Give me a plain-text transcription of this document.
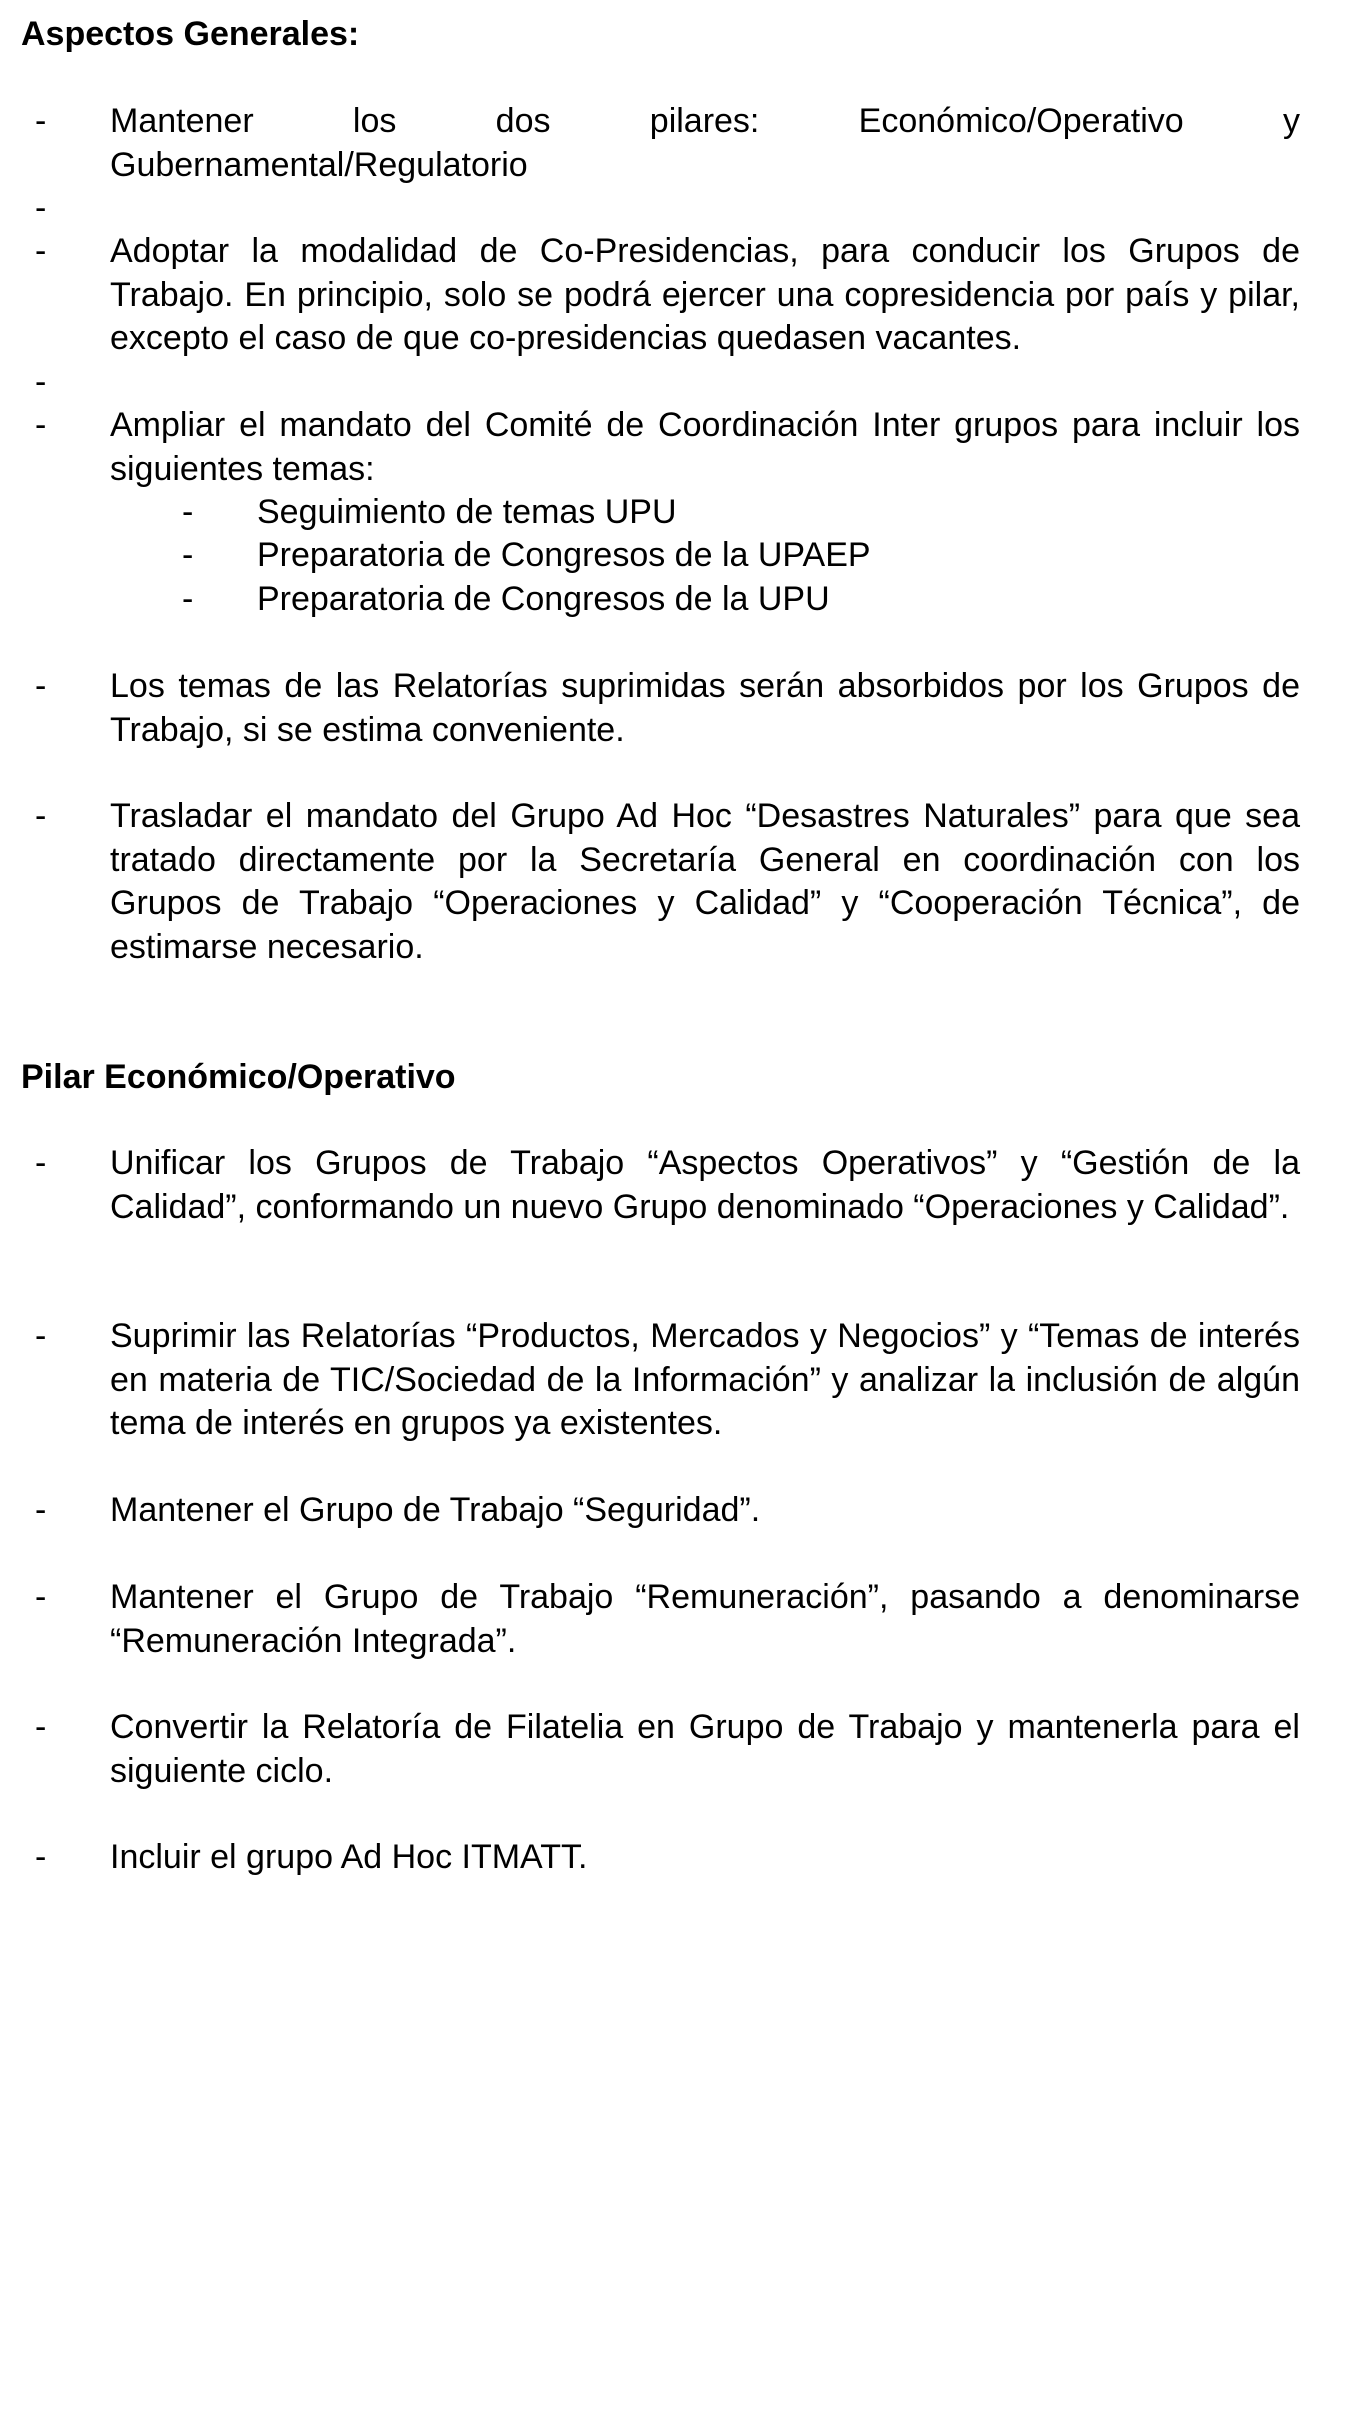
Aspectos Generales:
- Mantener los dos pilares: Económico/Operativo y
Gubernamental/Regulatorio
-
- Adoptar la modalidad de Co-Presidencias, para conducir los Grupos de Trabajo. En principio, solo se podrá ejercer una copresidencia por país y pilar, excepto el caso de que co-presidencias quedasen vacantes.

-
- Ampliar el mandato del Comité de Coordinación Inter grupos para incluir los siguientes temas:

- Seguimiento de temas UPU
- Preparatoria de Congresos de la UPAEP
- Preparatoria de Congresos de la UPU
- Los temas de las Relatorías suprimidas serán absorbidos por los Grupos de Trabajo, si se estima conveniente.

- Trasladar el mandato del Grupo Ad Hoc “Desastres Naturales” para que sea tratado directamente por la Secretaría General en coordinación con los Grupos de Trabajo “Operaciones y Calidad” y “Cooperación Técnica”, de estimarse necesario.

Pilar Económico/Operativo
- Unificar los Grupos de Trabajo “Aspectos Operativos” y “Gestión de la Calidad”, conformando un nuevo Grupo denominado “Operaciones y Calidad”.

- Suprimir las Relatorías “Productos, Mercados y Negocios” y “Temas de interés en materia de TIC/Sociedad de la Información” y analizar la inclusión de algún tema de interés en grupos ya existentes.

- Mantener el Grupo de Trabajo “Seguridad”.

- Mantener el Grupo de Trabajo “Remuneración”, pasando a denominarse “Remuneración Integrada”.

- Convertir la Relatoría de Filatelia en Grupo de Trabajo y mantenerla para el siguiente ciclo.

- Incluir el grupo Ad Hoc ITMATT.
